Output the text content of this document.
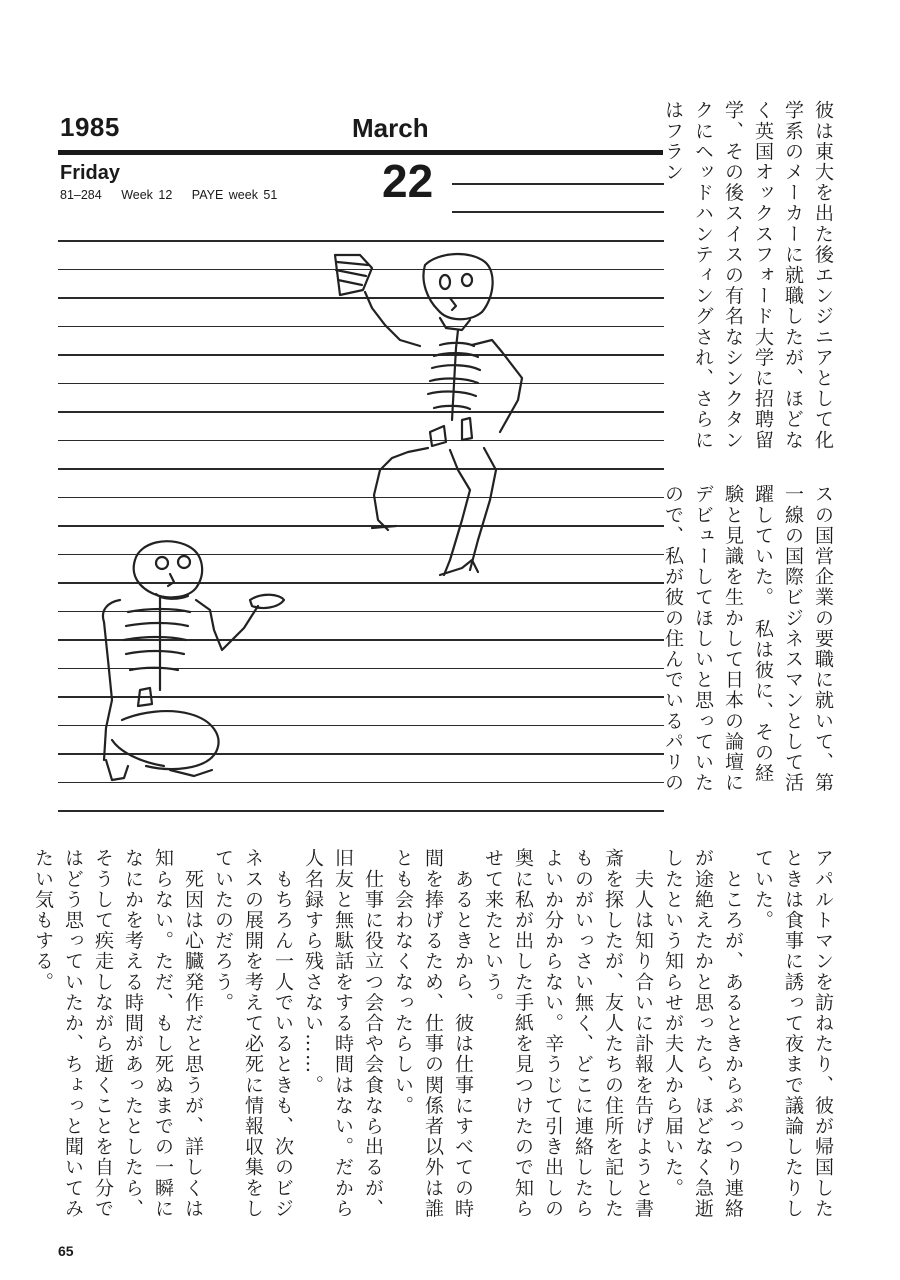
1985	March
Friday
81–284 Week 12 PAYE week 51	22	彼は東大を出た後エンジニアとして化学系のメーカーに就職したが、ほどなく英国オックスフォード大学に招聘留学、その後スイスの有名なシンクタンクにヘッドハンティングされ、さらにはフラン

スの国営企業の要職に就いて、第一線の国際ビジネスマンとして活躍していた。　私は彼に、その経験と見識を生かして日本の論壇にデビューしてほしいと思っていたので、私が彼の住んでいるパリの

アパルトマンを訪ねたり、彼が帰国したときは食事に誘って夜まで議論したりしていた。

　ところが、あるときからぷっつり連絡が途絶えたかと思ったら、ほどなく急逝したという知らせが夫人から届いた。

　夫人は知り合いに訃報を告げようと書斎を探したが、友人たちの住所を記したものがいっさい無く、どこに連絡したらよいか分からない。辛うじて引き出しの奥に私が出した手紙を見つけたので知らせて来たという。

　あるときから、彼は仕事にすべての時間を捧げるため、仕事の関係者以外は誰とも会わなくなったらしい。

　仕事に役立つ会合や会食なら出るが、旧友と無駄話をする時間はない。だから人名録すら残さない……。

　もちろん一人でいるときも、次のビジネスの展開を考えて必死に情報収集をしていたのだろう。

　死因は心臓発作だと思うが、詳しくは知らない。ただ、もし死ぬまでの一瞬になにかを考える時間があったとしたら、そうして疾走しながら逝くことを自分ではどう思っていたか、ちょっと聞いてみたい気もする。

65
